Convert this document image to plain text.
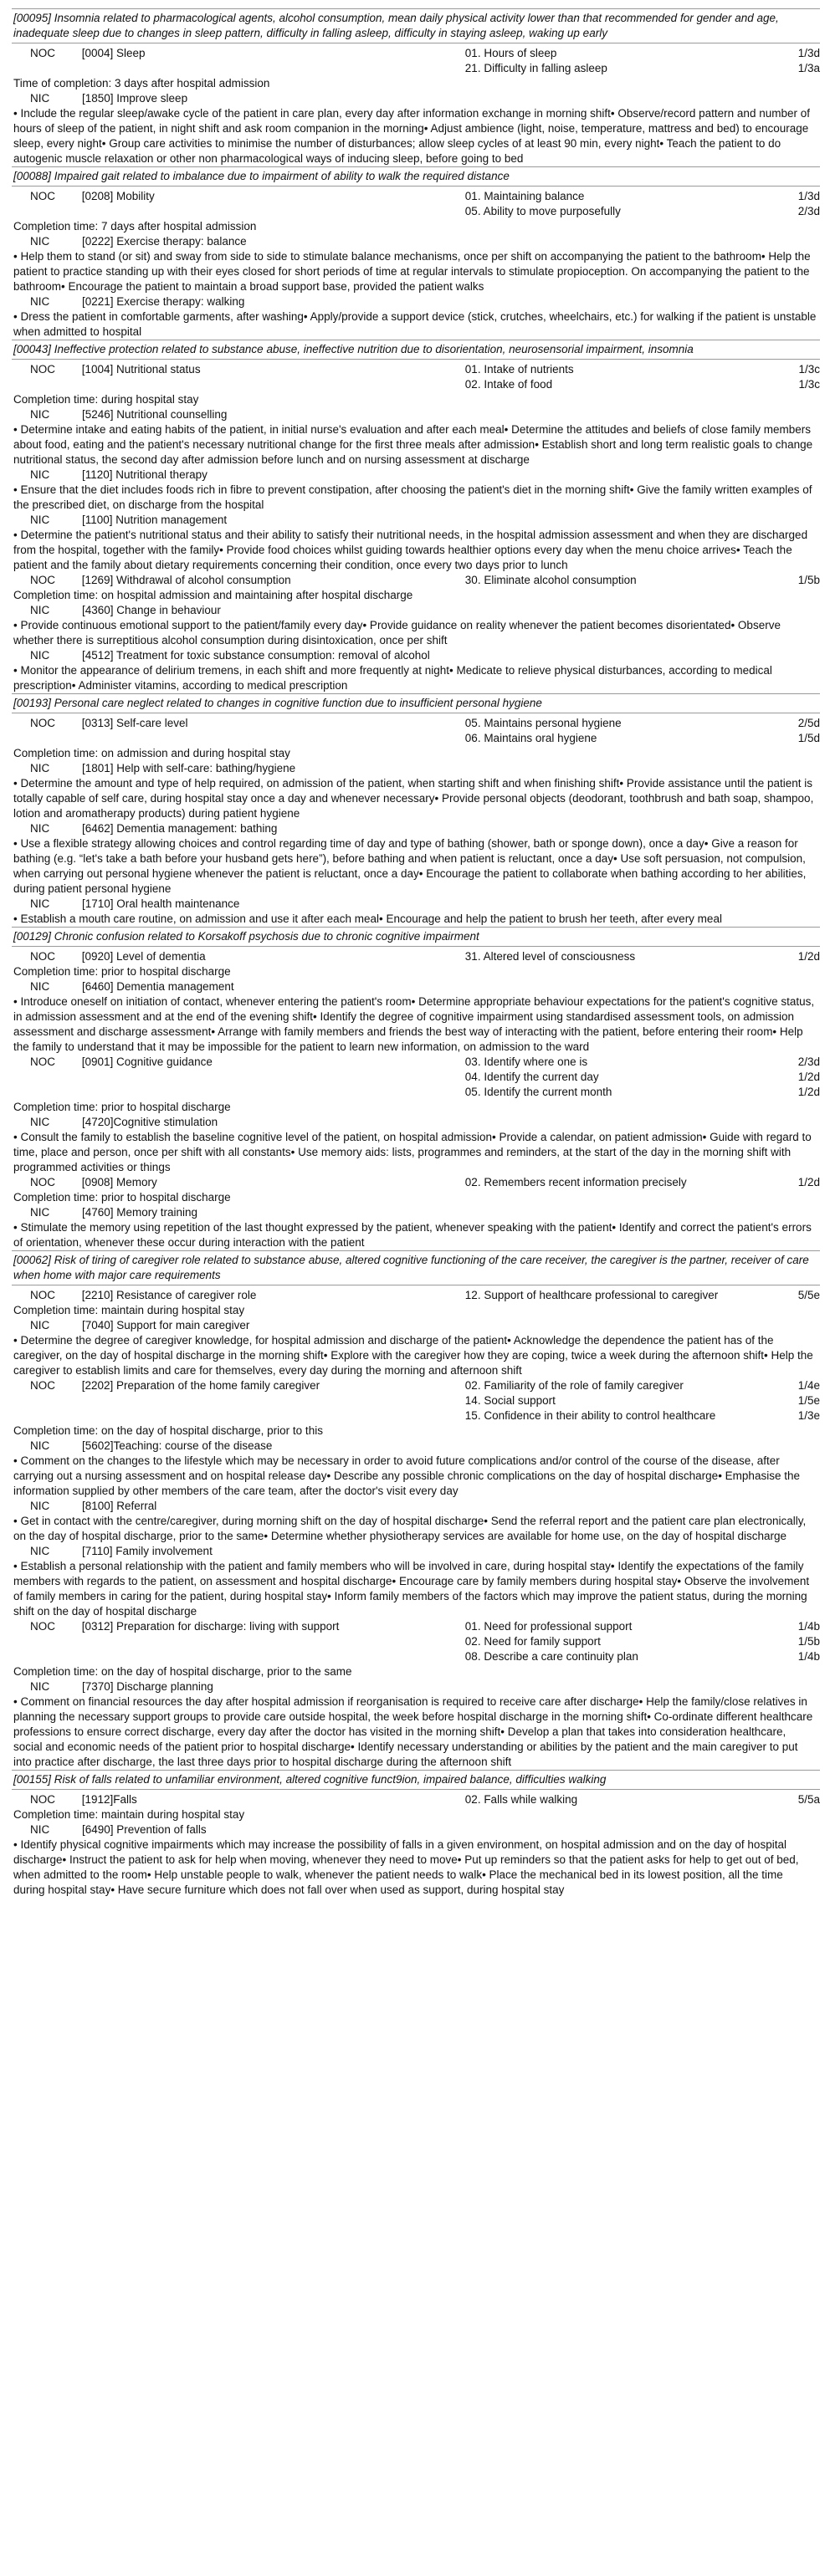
[00095] Insomnia related to pharmacological agents, alcohol consumption, mean daily physical activity lower than that recommended for gender and age, inadequate sleep due to changes in sleep pattern, difficulty in falling asleep, difficulty in staying asleep, waking up early
NOC	[0004] Sleep	01. Hours of sleep	1/3d
21. Difficulty in falling asleep	1/3a
Time of completion: 3 days after hospital admission
NIC	[1850] Improve sleep
• Include the regular sleep/awake cycle of the patient in care plan, every day after information exchange in morning shift• Observe/record pattern and number of hours of sleep of the patient, in night shift and ask room companion in the morning• Adjust ambience (light, noise, temperature, mattress and bed) to encourage sleep, every night• Group care activities to minimise the number of disturbances; allow sleep cycles of at least 90 min, every night• Teach the patient to do autogenic muscle relaxation or other non pharmacological ways of inducing sleep, before going to bed
[00088] Impaired gait related to imbalance due to impairment of ability to walk the required distance
NOC	[0208] Mobility	01. Maintaining balance	1/3d
05. Ability to move purposefully	2/3d
Completion time: 7 days after hospital admission
NIC	[0222] Exercise therapy: balance
• Help them to stand (or sit) and sway from side to side to stimulate balance mechanisms, once per shift on accompanying the patient to the bathroom• Help the patient to practice standing up with their eyes closed for short periods of time at regular intervals to stimulate propioception. On accompanying the patient to the bathroom• Encourage the patient to maintain a broad support base, provided the patient walks
NIC	[0221] Exercise therapy: walking
• Dress the patient in comfortable garments, after washing• Apply/provide a support device (stick, crutches, wheelchairs, etc.) for walking if the patient is unstable when admitted to hospital
[00043] Ineffective protection related to substance abuse, ineffective nutrition due to disorientation, neurosensorial impairment, insomnia
NOC	[1004] Nutritional status	01. Intake of nutrients	1/3c
02. Intake of food	1/3c
Completion time: during hospital stay
NIC	[5246] Nutritional counselling
• Determine intake and eating habits of the patient, in initial nurse's evaluation and after each meal• Determine the attitudes and beliefs of close family members about food, eating and the patient's necessary nutritional change for the first three meals after admission• Establish short and long term realistic goals to change nutritional status, the second day after admission before lunch and on nursing assessment at discharge
NIC	[1120] Nutritional therapy
• Ensure that the diet includes foods rich in fibre to prevent constipation, after choosing the patient's diet in the morning shift• Give the family written examples of the prescribed diet, on discharge from the hospital
NIC	[1100] Nutrition management
• Determine the patient's nutritional status and their ability to satisfy their nutritional needs, in the hospital admission assessment and when they are discharged from the hospital, together with the family• Provide food choices whilst guiding towards healthier options every day when the menu choice arrives• Teach the patient and the family about dietary requirements concerning their condition, once every two days prior to lunch
NOC	[1269] Withdrawal of alcohol consumption	30. Eliminate alcohol consumption	1/5b
Completion time: on hospital admission and maintaining after hospital discharge
NIC	[4360] Change in behaviour
• Provide continuous emotional support to the patient/family every day• Provide guidance on reality whenever the patient becomes disorientated• Observe whether there is surreptitious alcohol consumption during disintoxication, once per shift
NIC	[4512] Treatment for toxic substance consumption: removal of alcohol
• Monitor the appearance of delirium tremens, in each shift and more frequently at night• Medicate to relieve physical disturbances, according to medical prescription• Administer vitamins, according to medical prescription
[00193] Personal care neglect related to changes in cognitive function due to insufficient personal hygiene
NOC	[0313] Self-care level	05. Maintains personal hygiene	2/5d
06. Maintains oral hygiene	1/5d
Completion time: on admission and during hospital stay
NIC	[1801] Help with self-care: bathing/hygiene
• Determine the amount and type of help required, on admission of the patient, when starting shift and when finishing shift• Provide assistance until the patient is totally capable of self care, during hospital stay once a day and whenever necessary• Provide personal objects (deodorant, toothbrush and bath soap, shampoo, lotion and aromatherapy products) during patient hygiene
NIC	[6462] Dementia management: bathing
• Use a flexible strategy allowing choices and control regarding time of day and type of bathing (shower, bath or sponge down), once a day• Give a reason for bathing (e.g. “let's take a bath before your husband gets here”), before bathing and when patient is reluctant, once a day• Use soft persuasion, not compulsion, when carrying out personal hygiene whenever the patient is reluctant, once a day• Encourage the patient to collaborate when bathing according to her abilities, during patient personal hygiene
NIC	[1710] Oral health maintenance
• Establish a mouth care routine, on admission and use it after each meal• Encourage and help the patient to brush her teeth, after every meal
[00129] Chronic confusion related to Korsakoff psychosis due to chronic cognitive impairment
NOC	[0920] Level of dementia	31. Altered level of consciousness	1/2d
Completion time: prior to hospital discharge
NIC	[6460] Dementia management
• Introduce oneself on initiation of contact, whenever entering the patient's room• Determine appropriate behaviour expectations for the patient's cognitive status, in admission assessment and at the end of the evening shift• Identify the degree of cognitive impairment using standardised assessment tools, on admission assessment and discharge assessment• Arrange with family members and friends the best way of interacting with the patient, before entering their room• Help the family to understand that it may be impossible for the patient to learn new information, on admission to the ward
NOC	[0901] Cognitive guidance	03. Identify where one is	2/3d
04. Identify the current day	1/2d
05. Identify the current month	1/2d
Completion time: prior to hospital discharge
NIC	[4720]Cognitive stimulation
• Consult the family to establish the baseline cognitive level of the patient, on hospital admission• Provide a calendar, on patient admission• Guide with regard to time, place and person, once per shift with all constants• Use memory aids: lists, programmes and reminders, at the start of the day in the morning shift with programmed activities or things
NOC	[0908] Memory	02. Remembers recent information precisely	1/2d
Completion time: prior to hospital discharge
NIC	[4760] Memory training
• Stimulate the memory using repetition of the last thought expressed by the patient, whenever speaking with the patient• Identify and correct the patient's errors of orientation, whenever these occur during interaction with the patient
[00062] Risk of tiring of caregiver role related to substance abuse, altered cognitive functioning of the care receiver, the caregiver is the partner, receiver of care when home with major care requirements
NOC	[2210] Resistance of caregiver role	12. Support of healthcare professional to caregiver	5/5e
Completion time: maintain during hospital stay
NIC	[7040] Support for main caregiver
• Determine the degree of caregiver knowledge, for hospital admission and discharge of the patient• Acknowledge the dependence the patient has of the caregiver, on the day of hospital discharge in the morning shift• Explore with the caregiver how they are coping, twice a week during the afternoon shift• Help the caregiver to establish limits and care for themselves, every day during the morning and afternoon shift
NOC	[2202] Preparation of the home family caregiver	02. Familiarity of the role of family caregiver	1/4e
14. Social support	1/5e
15. Confidence in their ability to control healthcare	1/3e
Completion time: on the day of hospital discharge, prior to this
NIC	[5602]Teaching: course of the disease
• Comment on the changes to the lifestyle which may be necessary in order to avoid future complications and/or control of the course of the disease, after carrying out a nursing assessment and on hospital release day• Describe any possible chronic complications on the day of hospital discharge• Emphasise the information supplied by other members of the care team, after the doctor's visit every day
NIC	[8100] Referral
• Get in contact with the centre/caregiver, during morning shift on the day of hospital discharge• Send the referral report and the patient care plan electronically, on the day of hospital discharge, prior to the same• Determine whether physiotherapy services are available for home use, on the day of hospital discharge
NIC	[7110] Family involvement
• Establish a personal relationship with the patient and family members who will be involved in care, during hospital stay• Identify the expectations of the family members with regards to the patient, on assessment and hospital discharge• Encourage care by family members during hospital stay• Observe the involvement of family members in caring for the patient, during hospital stay• Inform family members of the factors which may improve the patient status, during the morning shift on the day of hospital discharge
NOC	[0312] Preparation for discharge: living with support	01. Need for professional support	1/4b
02. Need for family support	1/5b
08. Describe a care continuity plan	1/4b
Completion time: on the day of hospital discharge, prior to the same
NIC	[7370] Discharge planning
• Comment on financial resources the day after hospital admission if reorganisation is required to receive care after discharge• Help the family/close relatives in planning the necessary support groups to provide care outside hospital, the week before hospital discharge in the morning shift• Co-ordinate different healthcare professions to ensure correct discharge, every day after the doctor has visited in the morning shift• Develop a plan that takes into consideration healthcare, social and economic needs of the patient prior to hospital discharge• Identify necessary understanding or abilities by the patient and the main caregiver to put into practice after discharge, the last three days prior to hospital discharge during the afternoon shift
[00155] Risk of falls related to unfamiliar environment, altered cognitive funct9ion, impaired balance, difficulties walking
NOC	[1912]Falls	02. Falls while walking	5/5a
Completion time: maintain during hospital stay
NIC	[6490] Prevention of falls
• Identify physical cognitive impairments which may increase the possibility of falls in a given environment, on hospital admission and on the day of hospital discharge• Instruct the patient to ask for help when moving, whenever they need to move• Put up reminders so that the patient asks for help to get out of bed, when admitted to the room• Help unstable people to walk, whenever the patient needs to walk• Place the mechanical bed in its lowest position, all the time during hospital stay• Have secure furniture which does not fall over when used as support, during hospital stay
